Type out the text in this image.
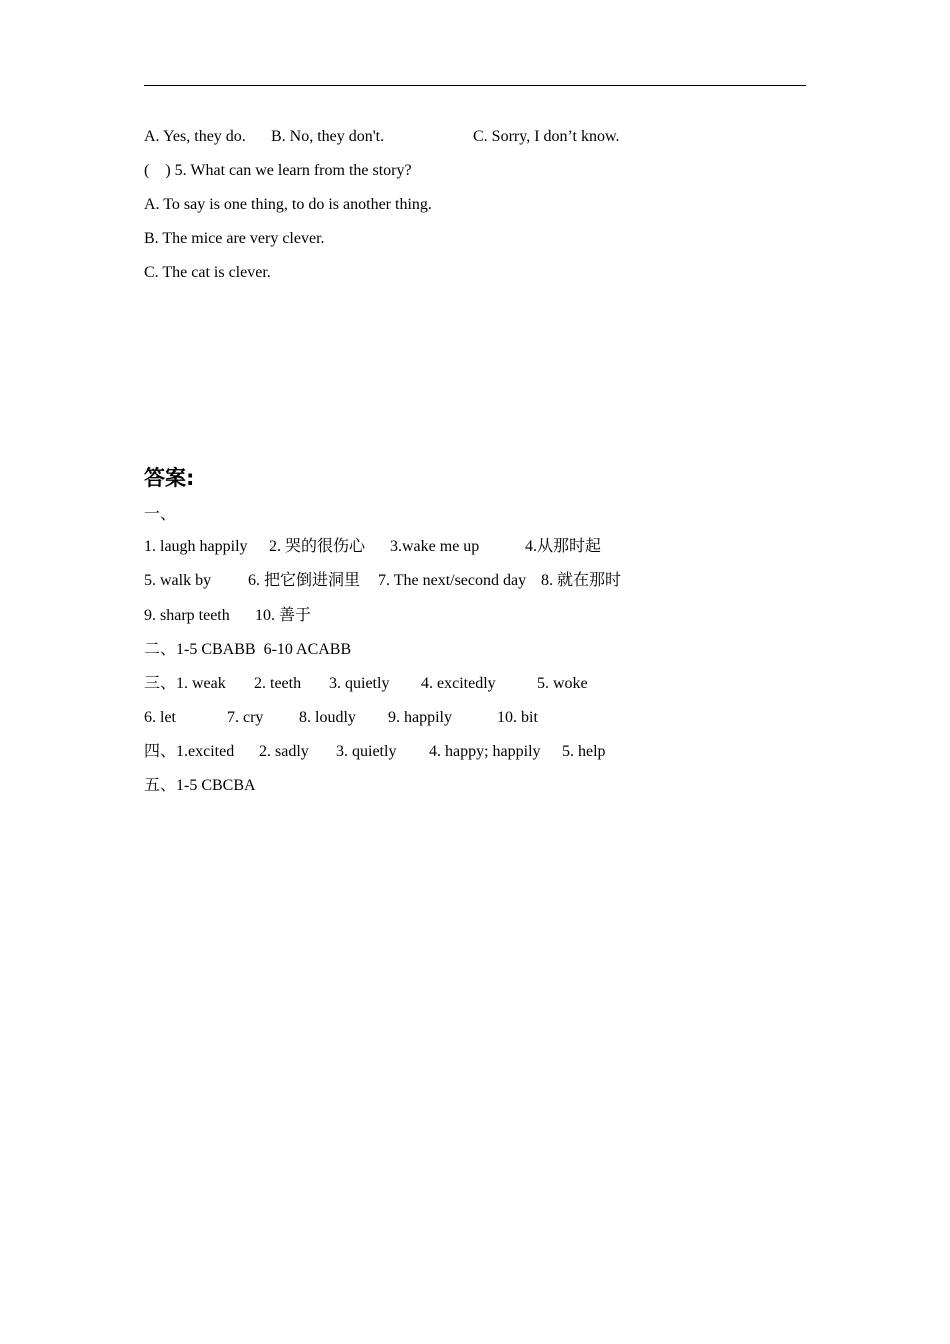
A. Yes, they do.

B. No, they don't.

	C. Sorry, I don’t know.

(    ) 5. What can we learn from the story?
A. To say is one thing, to do is another thing.
B. The mice are very clever.
C. The cat is clever.
答案:
一、

1. laugh happily

2. 哭的很伤心

3.wake me up

	4.从那时起

5. walk by

6. 把它倒进洞里

7. The next/second day

8. 就在那时

9. sharp teeth

10. 善于

二、1-5 CBABB  6-10 ACABB

三、1. weak

2. teeth

3. quietly

4. excitedly

	5. woke

6. let

	7. cry

8. loudly

9. happily

	10. bit

四、1.excited

2. sadly

3. quietly

4. happy; happily

5. help

五、1-5 CBCBA
